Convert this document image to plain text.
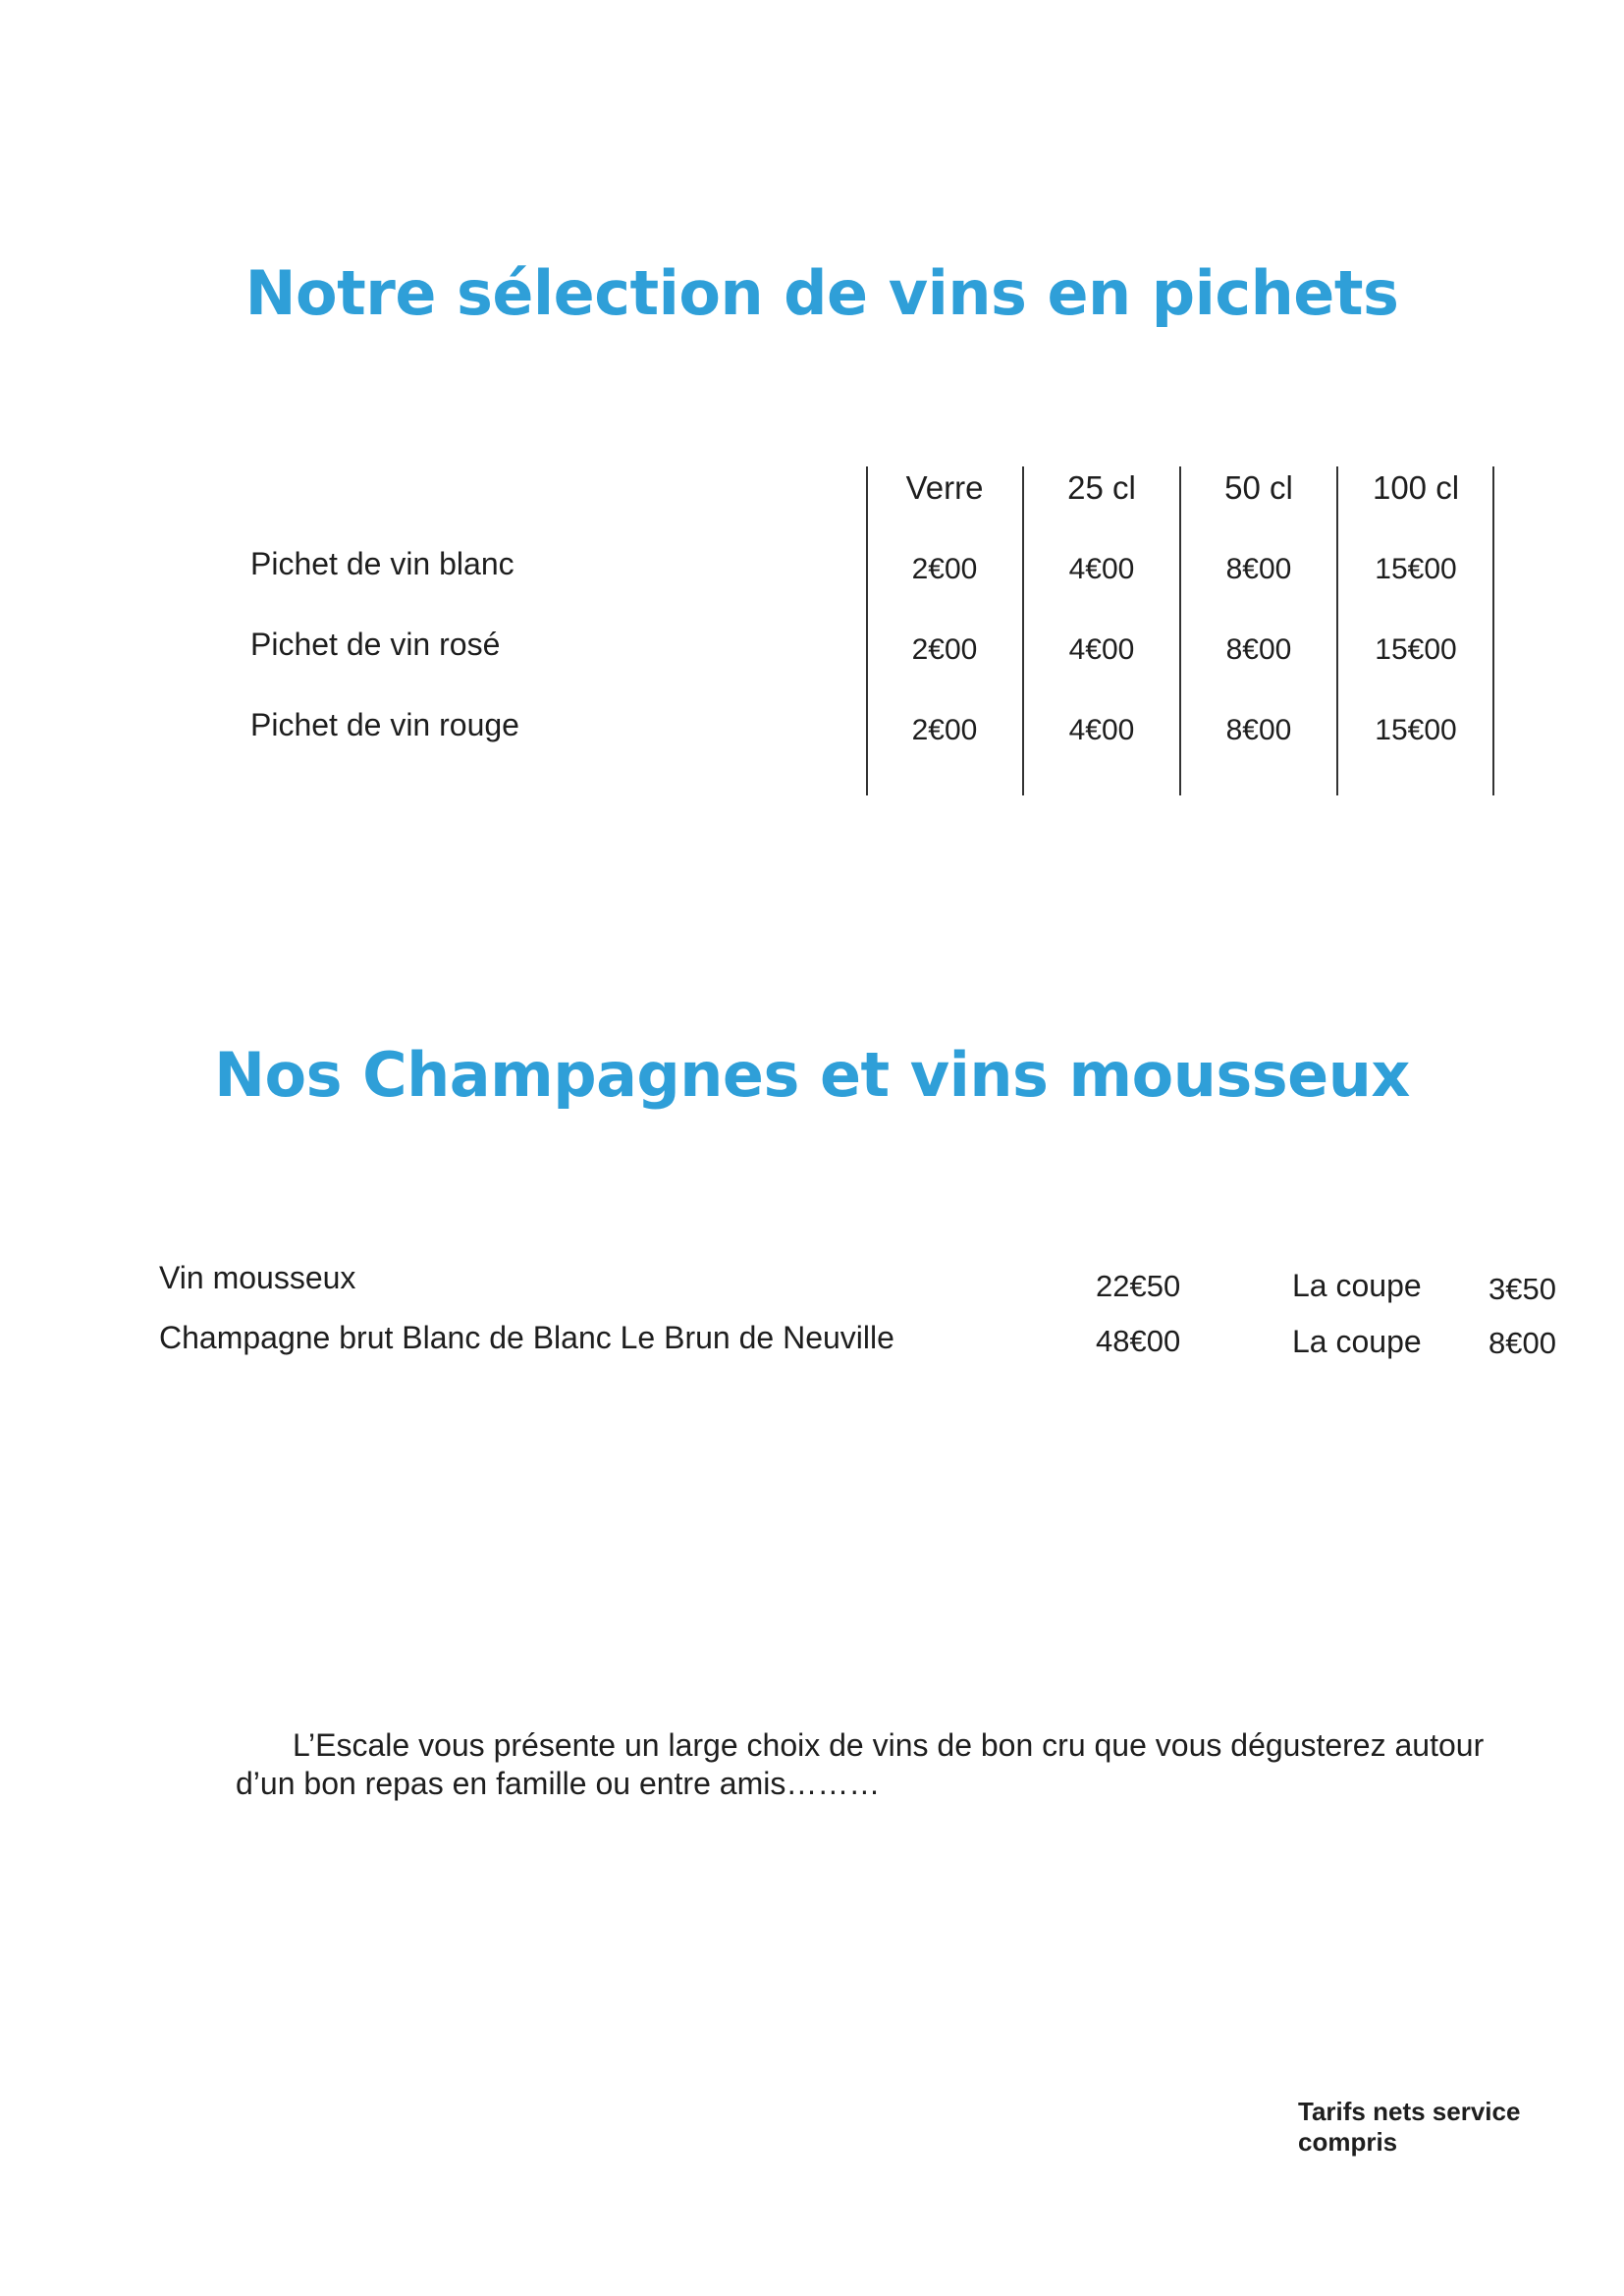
Notre sélection de vins en pichets
Verre	25 cl	50 cl	100 cl
Pichet de vin blanc	2€00	4€00	8€00	15€00
Pichet de vin rosé	2€00	4€00	8€00	15€00
Pichet de vin rouge	2€00	4€00	8€00	15€00
Nos Champagnes et vins mousseux
Vin mousseux	22€50	La coupe 3€50
Champagne brut Blanc de Blanc Le Brun de Neuville	48€00	La coupe 8€00
L’Escale vous présente un large choix de vins de bon cru que vous dégusterez autour d’un bon repas en famille ou entre amis………
Tarifs nets service compris
